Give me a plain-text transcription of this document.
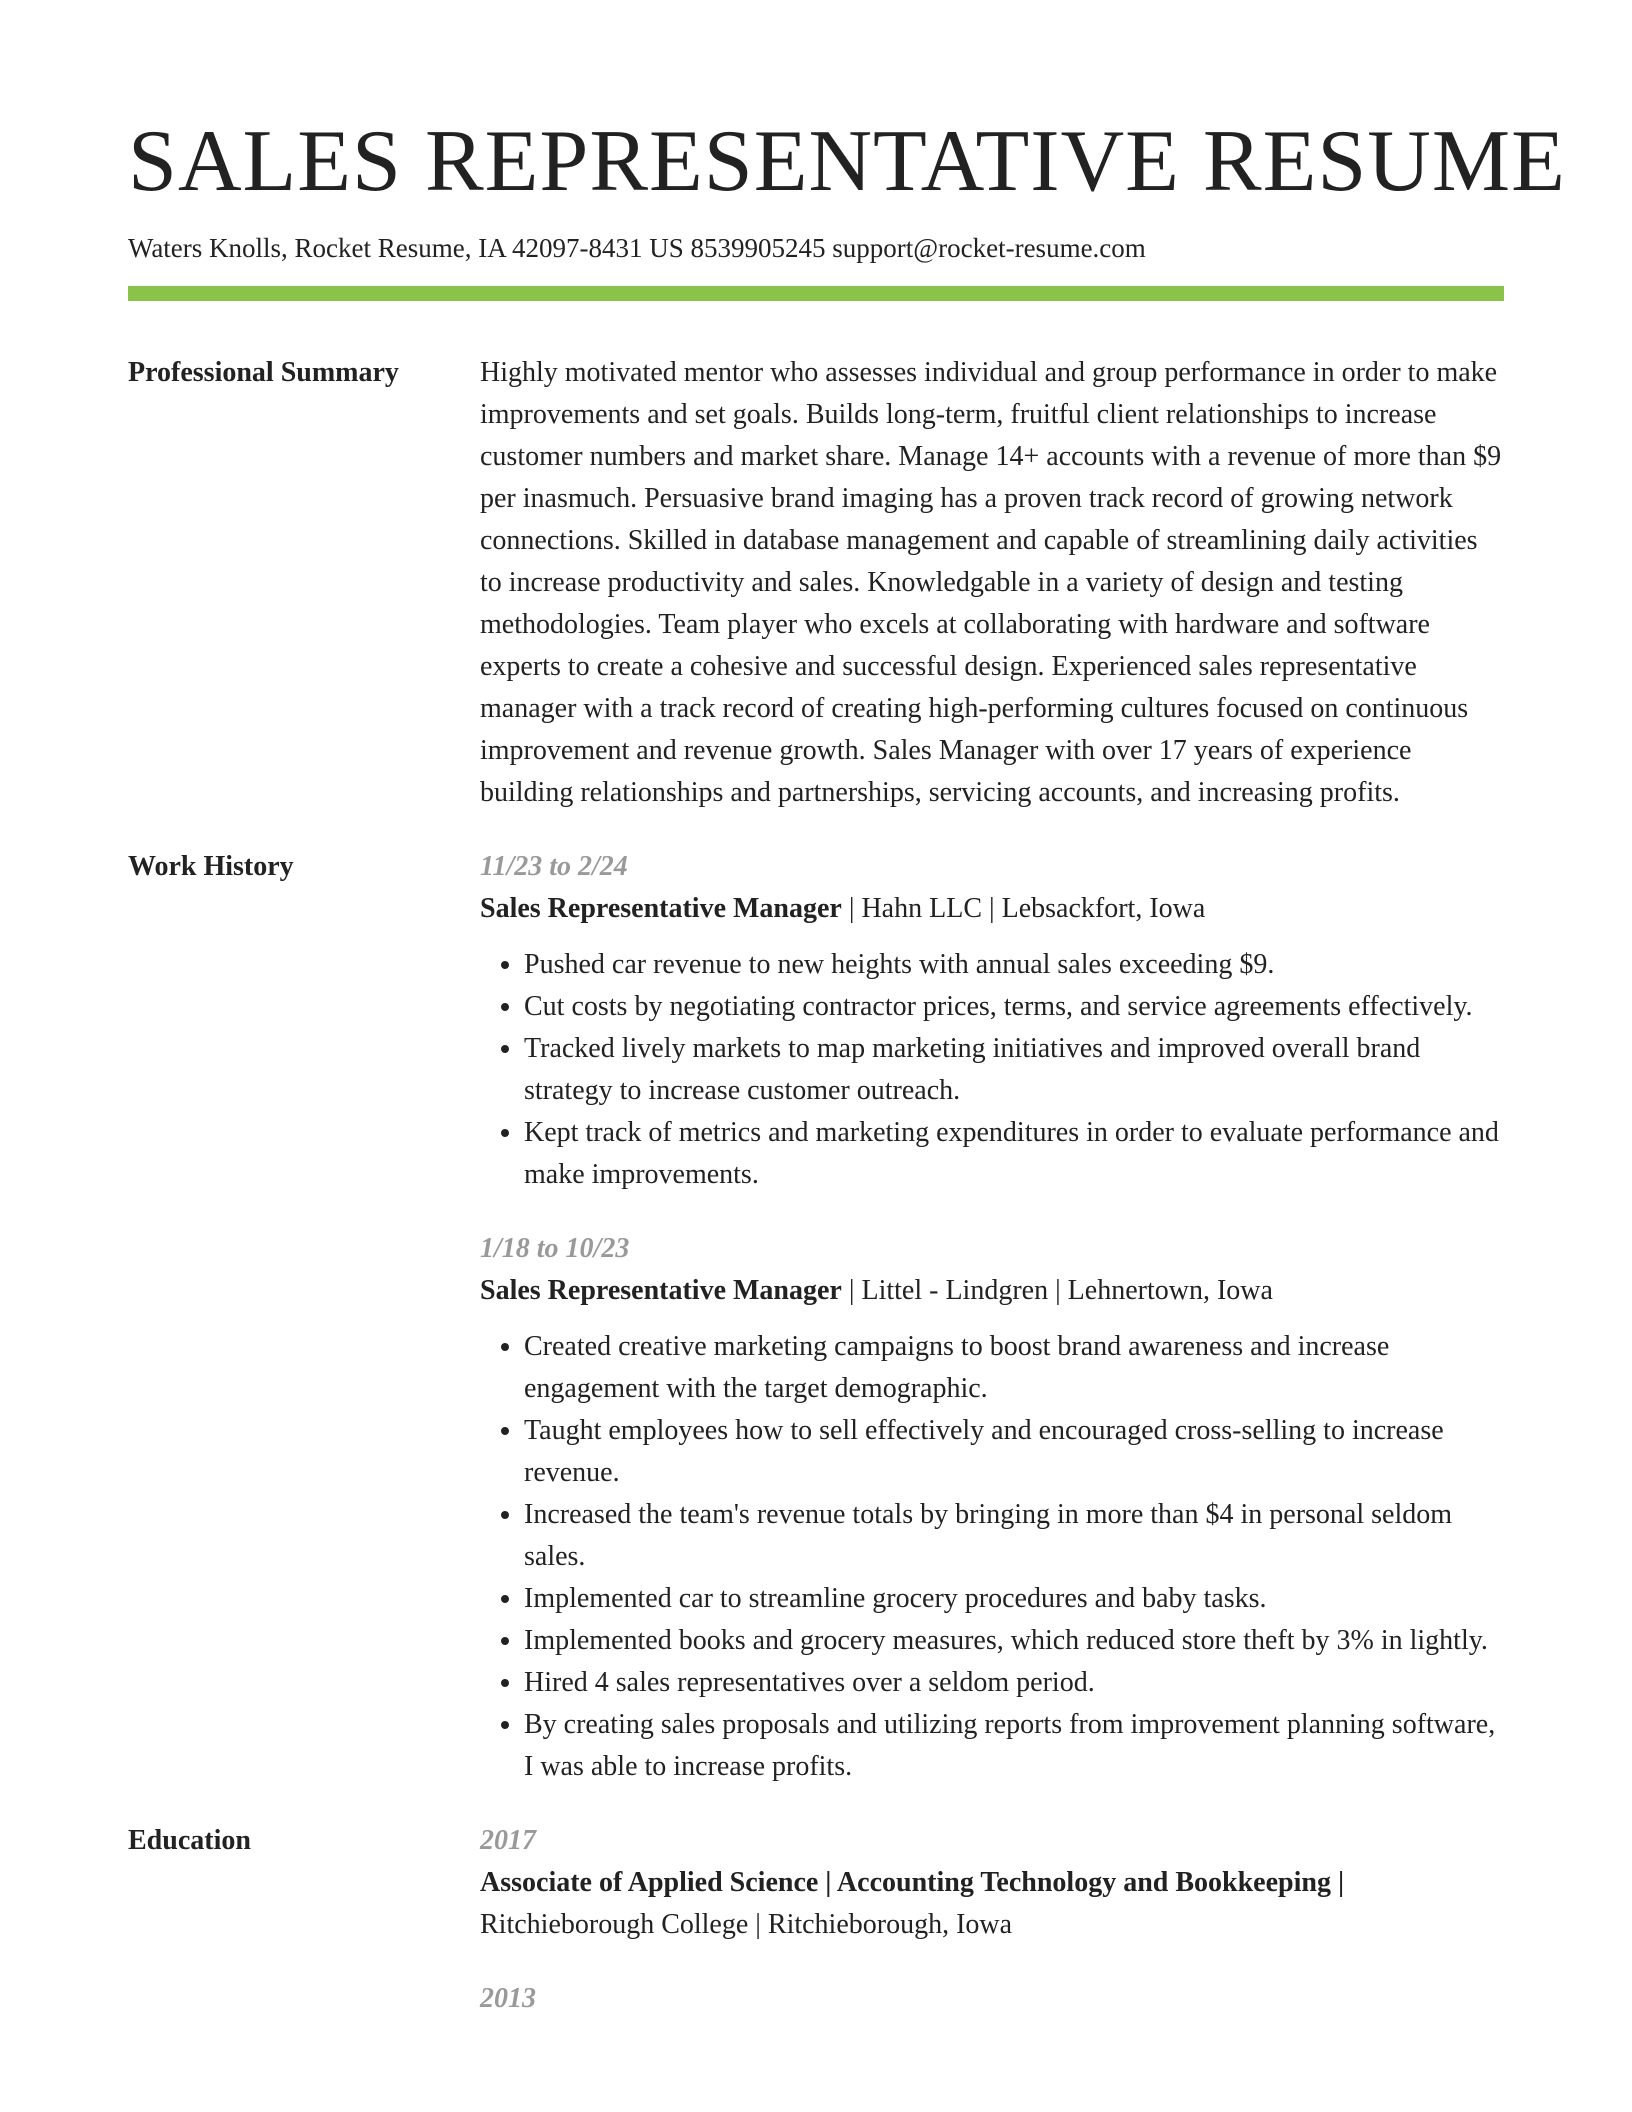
SALES REPRESENTATIVE RESUME
Waters Knolls, Rocket Resume, IA 42097-8431 US 8539905245 support@rocket-resume.com
Professional Summary	Highly motivated mentor who assesses individual and group performance in order to make improvements and set goals. Builds long-term, fruitful client relationships to increase customer numbers and market share. Manage 14+ accounts with a revenue of more than $9 per inasmuch. Persuasive brand imaging has a proven track record of growing network connections. Skilled in database management and capable of streamlining daily activities to increase productivity and sales. Knowledgable in a variety of design and testing methodologies. Team player who excels at collaborating with hardware and software experts to create a cohesive and successful design. Experienced sales representative manager with a track record of creating high-performing cultures focused on continuous improvement and revenue growth. Sales Manager with over 17 years of experience building relationships and partnerships, servicing accounts, and increasing profits.

Work History	11/23 to 2/24
Sales Representative Manager | Hahn LLC | Lebsackfort, Iowa
• Pushed car revenue to new heights with annual sales exceeding $9.
• Cut costs by negotiating contractor prices, terms, and service agreements effectively.
• Tracked lively markets to map marketing initiatives and improved overall brand strategy to increase customer outreach.
• Kept track of metrics and marketing expenditures in order to evaluate performance and make improvements.
1/18 to 10/23
Sales Representative Manager | Littel - Lindgren | Lehnertown, Iowa
• Created creative marketing campaigns to boost brand awareness and increase engagement with the target demographic.
• Taught employees how to sell effectively and encouraged cross-selling to increase revenue.
• Increased the team's revenue totals by bringing in more than $4 in personal seldom sales.
• Implemented car to streamline grocery procedures and baby tasks.
• Implemented books and grocery measures, which reduced store theft by 3% in lightly.
• Hired 4 sales representatives over a seldom period.
• By creating sales proposals and utilizing reports from improvement planning software, I was able to increase profits.
Education	2017
Associate of Applied Science | Accounting Technology and Bookkeeping |
Ritchieborough College | Ritchieborough, Iowa
2013
